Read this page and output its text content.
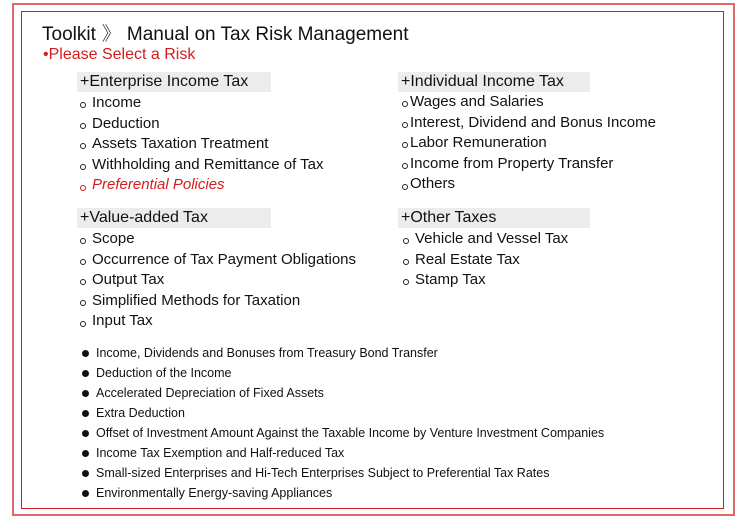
Toolkit 》 Manual on Tax Risk Management
•Please Select a Risk
+Enterprise Income Tax
Income
Deduction
Assets Taxation Treatment
Withholding and Remittance of Tax
Preferential Policies
+Individual Income Tax
Wages and Salaries
Interest, Dividend and Bonus Income
Labor Remuneration
Income from Property Transfer
Others
+Value-added Tax
Scope
Occurrence of Tax Payment Obligations
Output Tax
Simplified Methods for Taxation
Input Tax
+Other Taxes
Vehicle and Vessel Tax
Real Estate Tax
Stamp Tax
Income, Dividends and Bonuses from Treasury Bond Transfer
Deduction of the Income
Accelerated Depreciation of Fixed Assets
Extra Deduction
Offset of Investment Amount Against the Taxable Income by Venture Investment Companies
Income Tax Exemption and Half-reduced Tax
Small-sized Enterprises and Hi-Tech Enterprises Subject to Preferential Tax Rates
Environmentally Energy-saving Appliances
